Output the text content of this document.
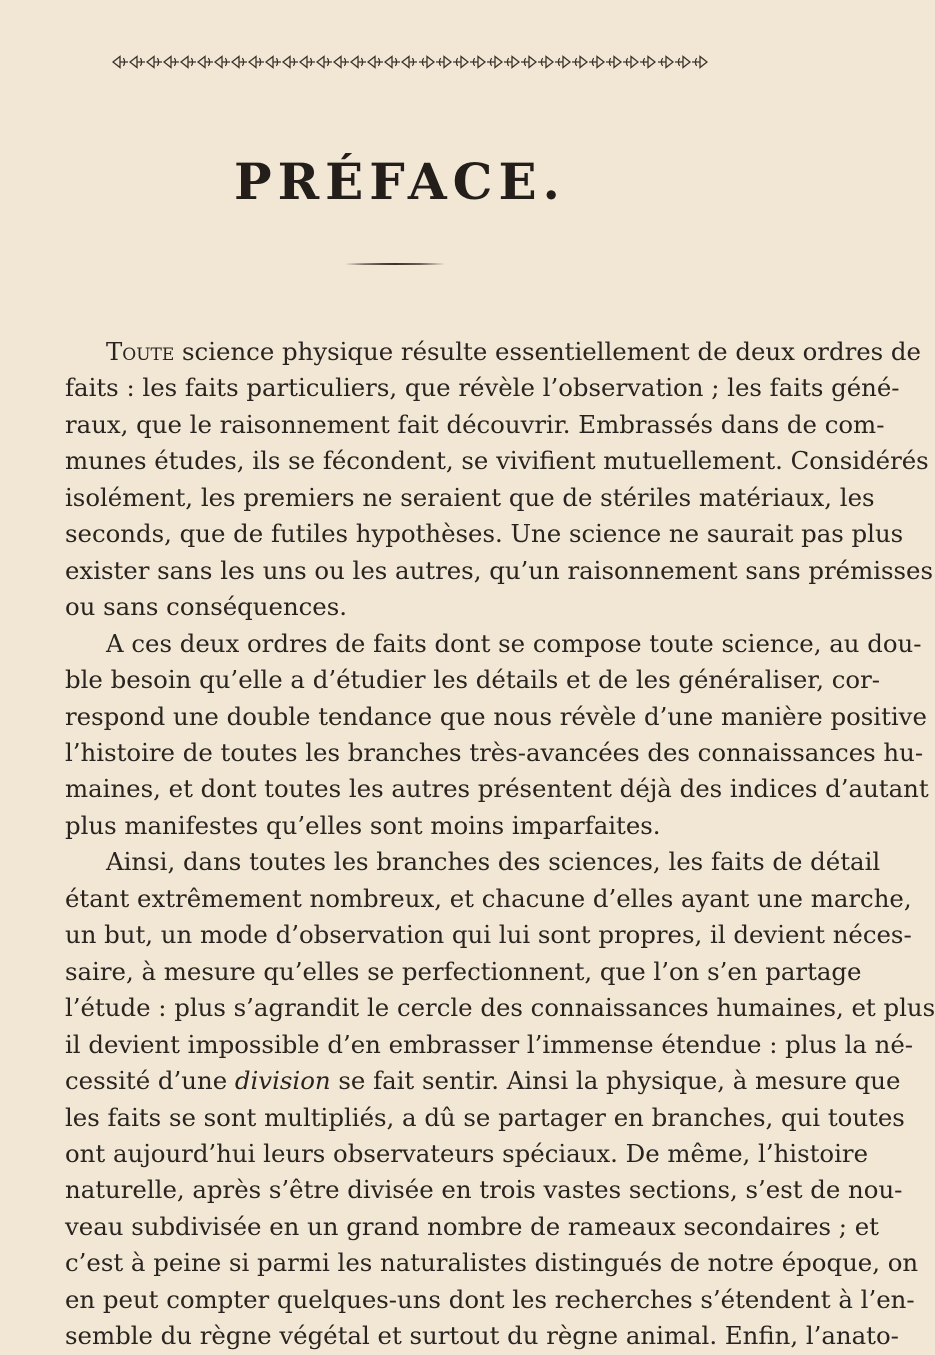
PRÉFACE.
Toute science physique résulte essentiellement de deux ordres de
faits : les faits particuliers, que révèle l’observation ; les faits géné-
raux, que le raisonnement fait découvrir. Embrassés dans de com-
munes études, ils se fécondent, se vivifient mutuellement. Considérés
isolément, les premiers ne seraient que de stériles matériaux, les
seconds, que de futiles hypothèses. Une science ne saurait pas plus
exister sans les uns ou les autres, qu’un raisonnement sans prémisses
ou sans conséquences.
A ces deux ordres de faits dont se compose toute science, au dou-
ble besoin qu’elle a d’étudier les détails et de les généraliser, cor-
respond une double tendance que nous révèle d’une manière positive
l’histoire de toutes les branches très-avancées des connaissances hu-
maines, et dont toutes les autres présentent déjà des indices d’autant
plus manifestes qu’elles sont moins imparfaites.
Ainsi, dans toutes les branches des sciences, les faits de détail
étant extrêmement nombreux, et chacune d’elles ayant une marche,
un but, un mode d’observation qui lui sont propres, il devient néces-
saire, à mesure qu’elles se perfectionnent, que l’on s’en partage
l’étude : plus s’agrandit le cercle des connaissances humaines, et plus
il devient impossible d’en embrasser l’immense étendue : plus la né-
cessité d’une division se fait sentir. Ainsi la physique, à mesure que
les faits se sont multipliés, a dû se partager en branches, qui toutes
ont aujourd’hui leurs observateurs spéciaux. De même, l’histoire
naturelle, après s’être divisée en trois vastes sections, s’est de nou-
veau subdivisée en un grand nombre de rameaux secondaires ; et
c’est à peine si parmi les naturalistes distingués de notre époque, on
en peut compter quelques-uns dont les recherches s’étendent à l’en-
semble du règne végétal et surtout du règne animal. Enfin, l’anato-
